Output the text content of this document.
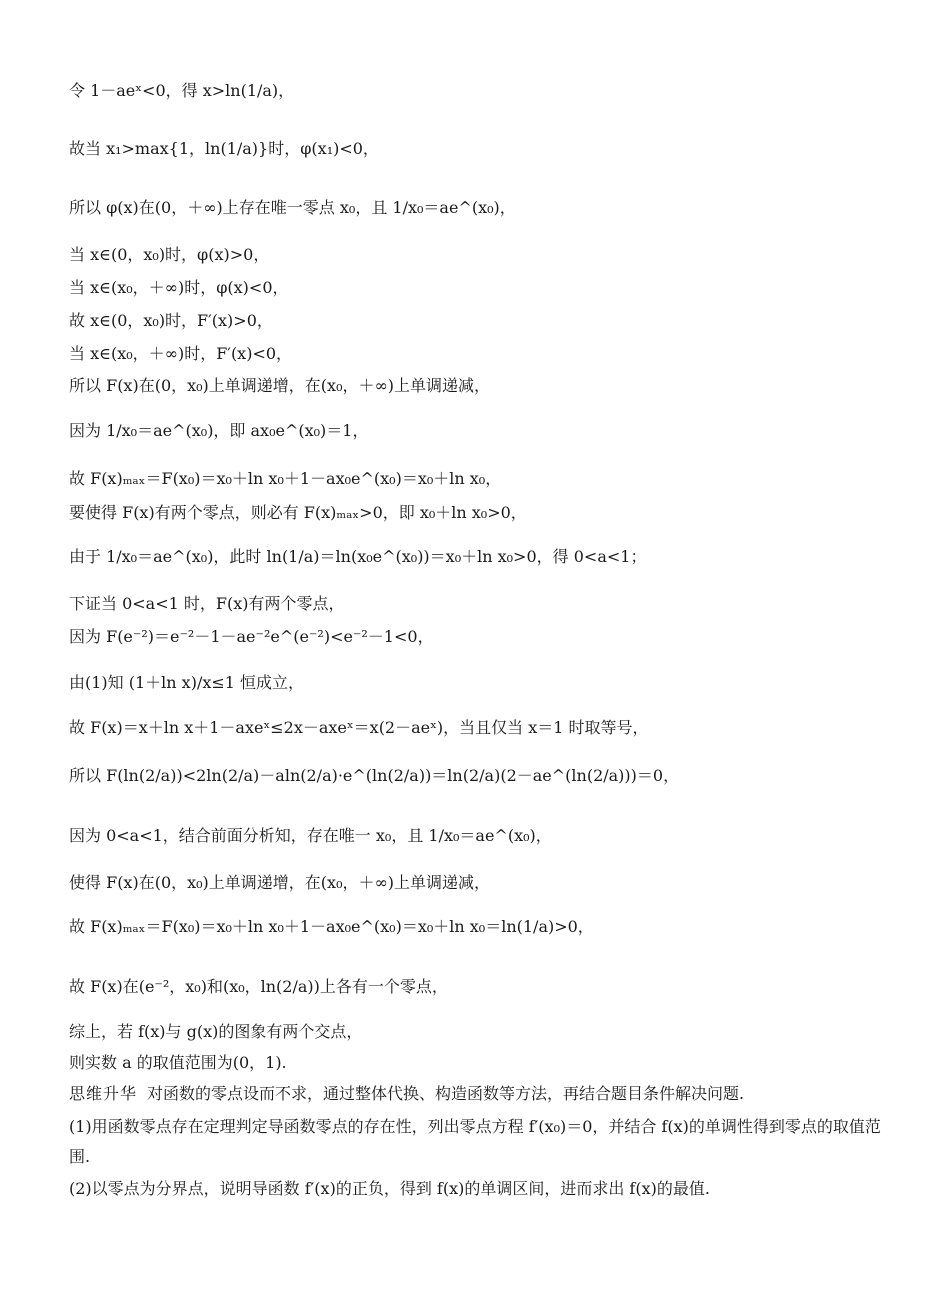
令 1－aeˣ<0，得 x>ln(1/a)，
故当 x₁>max{1，ln(1/a)}时，φ(x₁)<0，
所以 φ(x)在(0，＋∞)上存在唯一零点 x₀，且 1/x₀＝ae^(x₀)，
当 x∈(0，x₀)时，φ(x)>0，
当 x∈(x₀，＋∞)时，φ(x)<0，
故 x∈(0，x₀)时，F′(x)>0，
当 x∈(x₀，＋∞)时，F′(x)<0，
所以 F(x)在(0，x₀)上单调递增，在(x₀，＋∞)上单调递减，
因为 1/x₀＝ae^(x₀)，即 ax₀e^(x₀)＝1，
故 F(x)ₘₐₓ＝F(x₀)＝x₀＋ln x₀＋1－ax₀e^(x₀)＝x₀＋ln x₀，
要使得 F(x)有两个零点，则必有 F(x)ₘₐₓ>0，即 x₀＋ln x₀>0，
由于 1/x₀＝ae^(x₀)，此时 ln(1/a)＝ln(x₀e^(x₀))＝x₀＋ln x₀>0，得 0<a<1；
下证当 0<a<1 时，F(x)有两个零点，
因为 F(e⁻²)＝e⁻²－1－ae⁻²e^(e⁻²)<e⁻²－1<0，
由(1)知 (1＋ln x)/x≤1 恒成立，
故 F(x)＝x＋ln x＋1－axeˣ≤2x－axeˣ＝x(2－aeˣ)，当且仅当 x＝1 时取等号，
所以 F(ln(2/a))<2ln(2/a)－aln(2/a)·e^(ln(2/a))＝ln(2/a)(2－ae^(ln(2/a)))＝0，
因为 0<a<1，结合前面分析知，存在唯一 x₀，且 1/x₀＝ae^(x₀)，
使得 F(x)在(0，x₀)上单调递增，在(x₀，＋∞)上单调递减，
故 F(x)ₘₐₓ＝F(x₀)＝x₀＋ln x₀＋1－ax₀e^(x₀)＝x₀＋ln x₀＝ln(1/a)>0，
故 F(x)在(e⁻²，x₀)和(x₀，ln(2/a))上各有一个零点，
综上，若 f(x)与 g(x)的图象有两个交点，
则实数 a 的取值范围为(0，1).
思维升华 对函数的零点设而不求，通过整体代换、构造函数等方法，再结合题目条件解决问题.
(1)用函数零点存在定理判定导函数零点的存在性，列出零点方程 f′(x₀)＝0，并结合 f(x)的单调性得到零点的取值范围.
(2)以零点为分界点，说明导函数 f′(x)的正负，得到 f(x)的单调区间，进而求出 f(x)的最值.
